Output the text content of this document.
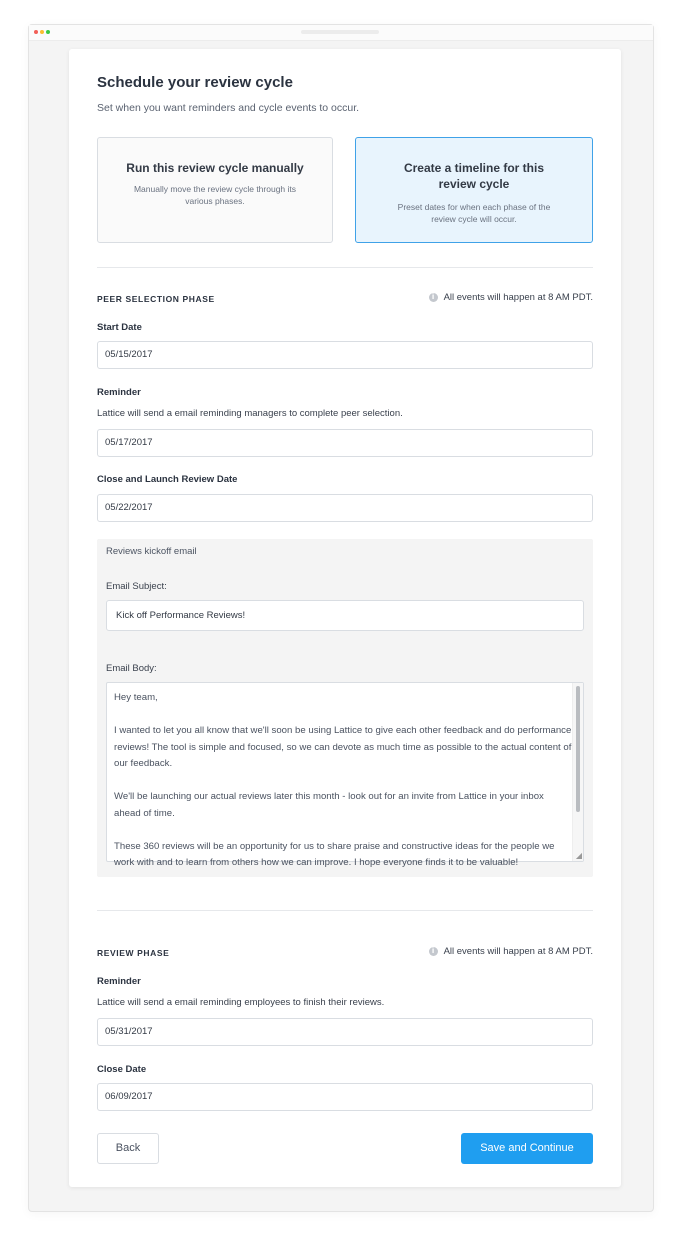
Schedule your review cycle
Set when you want reminders and cycle events to occur.
Run this review cycle manually
Manually move the review cycle through its various phases.
Create a timeline for this review cycle
Preset dates for when each phase of the review cycle will occur.
PEER SELECTION PHASE	i All events will happen at 8 AM PDT.
Start Date
05/15/2017
Reminder
Lattice will send a email reminding managers to complete peer selection.
05/17/2017
Close and Launch Review Date
05/22/2017
Reviews kickoff email
Email Subject:
Kick off Performance Reviews!
Email Body:

Hey team,

I wanted to let you all know that we'll soon be using Lattice to give each other feedback and do performance reviews! The tool is simple and focused, so we can devote as much time as possible to the actual content of our feedback.

We'll be launching our actual reviews later this month - look out for an invite from Lattice in your inbox ahead of time.

These 360 reviews will be an opportunity for us to share praise and constructive ideas for the people we work with and to learn from others how we can improve. I hope everyone finds it to be valuable!

◢
REVIEW PHASE	i All events will happen at 8 AM PDT.
Reminder
Lattice will send a email reminding employees to finish their reviews.
05/31/2017
Close Date
06/09/2017
Back	Save and Continue
